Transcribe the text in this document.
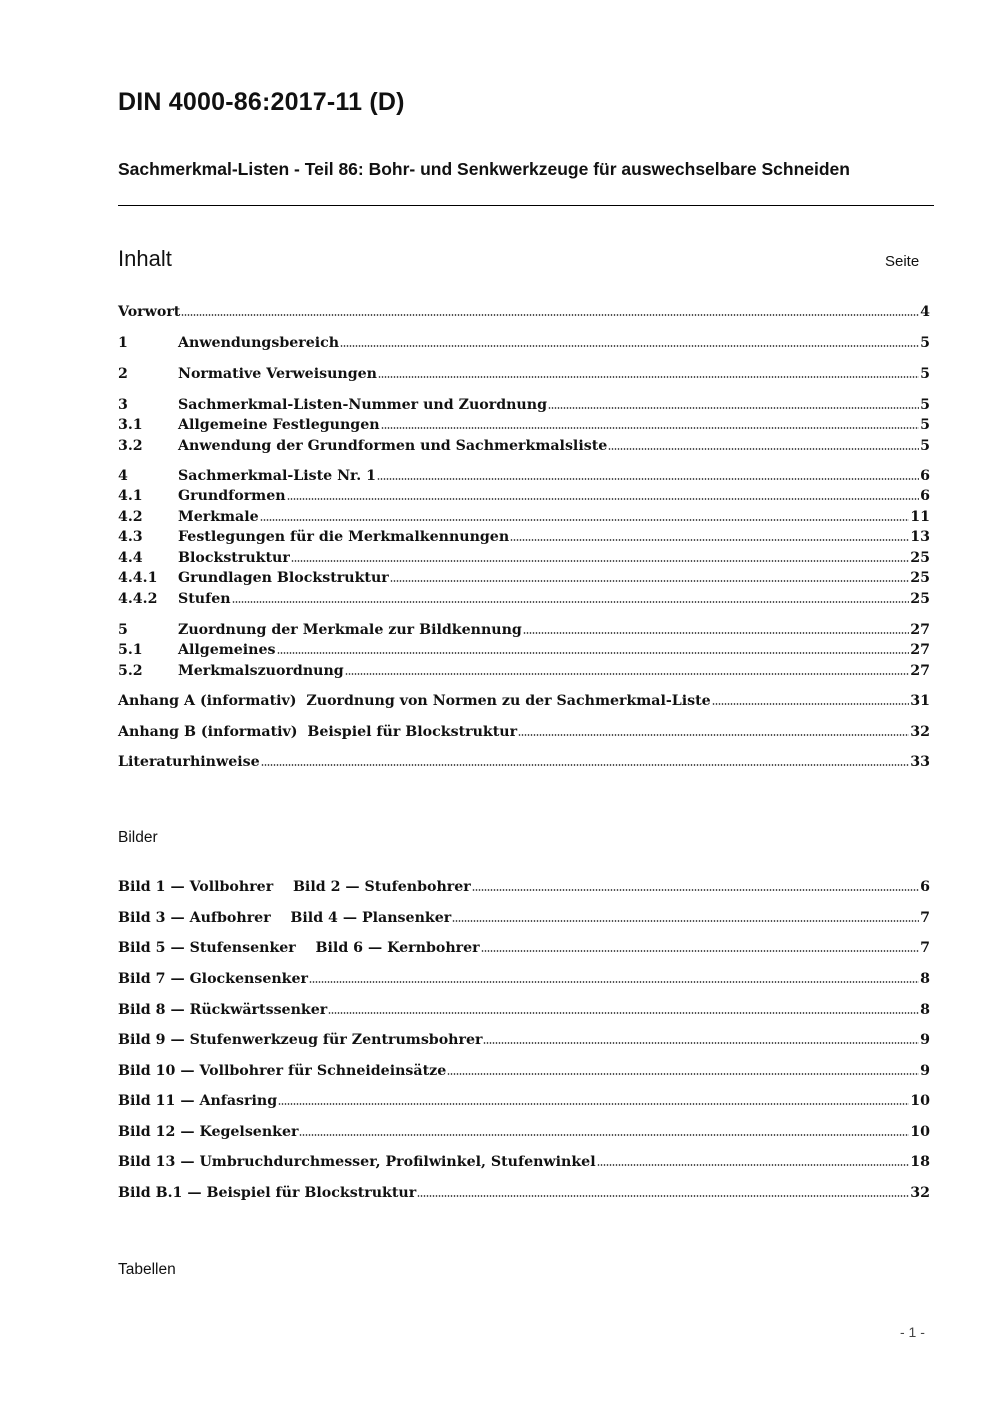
DIN 4000-86:2017-11 (D)
Sachmerkmal-Listen - Teil 86: Bohr- und Senkwerkzeuge für auswechselbare Schneiden
Inhalt	Seite
Vorwort	4
1	Anwendungsbereich	5
2	Normative Verweisungen	5
3	Sachmerkmal-Listen-Nummer und Zuordnung	5
3.1	Allgemeine Festlegungen	5
3.2	Anwendung der Grundformen und Sachmerkmalsliste	5
4	Sachmerkmal-Liste Nr. 1	6
4.1	Grundformen	6
4.2	Merkmale	11
4.3	Festlegungen für die Merkmalkennungen	13
4.4	Blockstruktur	25
4.4.1	Grundlagen Blockstruktur	25
4.4.2	Stufen	25
5	Zuordnung der Merkmale zur Bildkennung	27
5.1	Allgemeines	27
5.2	Merkmalszuordnung	27
Anhang A (informativ)  Zuordnung von Normen zu der Sachmerkmal-Liste	31
Anhang B (informativ)  Beispiel für Blockstruktur	32
Literaturhinweise	33
Bild 1 — Vollbohrer    Bild 2 — Stufenbohrer	6
Bild 3 — Aufbohrer    Bild 4 — Plansenker	7
Bild 5 — Stufensenker    Bild 6 — Kernbohrer	7
Bild 7 — Glockensenker	8
Bild 8 — Rückwärtssenker	8
Bild 9 — Stufenwerkzeug für Zentrumsbohrer	9
Bild 10 — Vollbohrer für Schneideinsätze	9
Bild 11 — Anfasring	10
Bild 12 — Kegelsenker	10
Bild 13 — Umbruchdurchmesser, Profilwinkel, Stufenwinkel	18
Bild B.1 — Beispiel für Blockstruktur	32
Bilder
Tabellen
- 1 -
